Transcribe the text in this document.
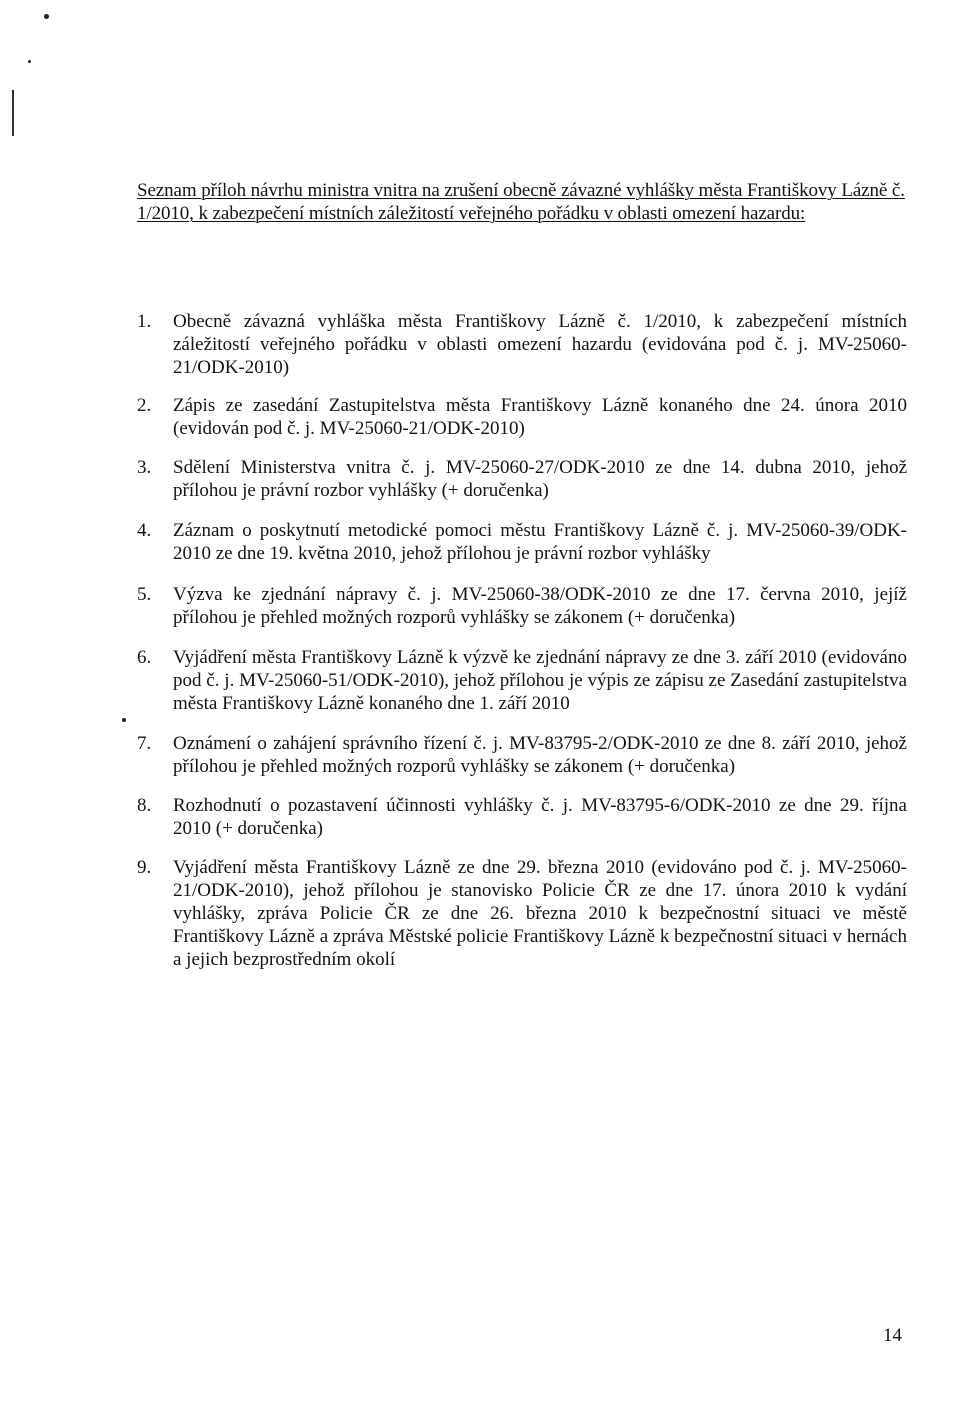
Seznam příloh návrhu ministra vnitra na zrušení obecně závazné vyhlášky města Františkovy Lázně č. 1/2010, k zabezpečení místních záležitostí veřejného pořádku v oblasti omezení hazardu:
1.	Obecně závazná vyhláška města Františkovy Lázně č. 1/2010, k zabezpečení místních záležitostí veřejného pořádku v oblasti omezení hazardu (evidována pod č. j. MV-25060-21/ODK-2010)
2.	Zápis ze zasedání Zastupitelstva města Františkovy Lázně konaného dne 24. února 2010 (evidován pod č. j. MV-25060-21/ODK-2010)
3.	Sdělení Ministerstva vnitra č. j. MV-25060-27/ODK-2010 ze dne 14. dubna 2010, jehož přílohou je právní rozbor vyhlášky (+ doručenka)
4.	Záznam o poskytnutí metodické pomoci městu Františkovy Lázně č. j. MV-25060-39/ODK-2010 ze dne 19. května 2010, jehož přílohou je právní rozbor vyhlášky
5.	Výzva ke zjednání nápravy č. j. MV-25060-38/ODK-2010 ze dne 17. června 2010, jejíž přílohou je přehled možných rozporů vyhlášky se zákonem (+ doručenka)
6.	Vyjádření města Františkovy Lázně k výzvě ke zjednání nápravy ze dne 3. září 2010 (evidováno pod č. j. MV-25060-51/ODK-2010), jehož přílohou je výpis ze zápisu ze Zasedání zastupitelstva města Františkovy Lázně konaného dne 1. září 2010
7.	Oznámení o zahájení správního řízení č. j. MV-83795-2/ODK-2010 ze dne 8. září 2010, jehož přílohou je přehled možných rozporů vyhlášky se zákonem (+ doručenka)
8.	Rozhodnutí o pozastavení účinnosti vyhlášky č. j. MV-83795-6/ODK-2010 ze dne 29. října 2010 (+ doručenka)
9.	Vyjádření města Františkovy Lázně ze dne 29. března 2010 (evidováno pod č. j. MV-25060-21/ODK-2010), jehož přílohou je stanovisko Policie ČR ze dne 17. února 2010 k vydání vyhlášky, zpráva Policie ČR ze dne 26. března 2010 k bezpečnostní situaci ve městě Františkovy Lázně a zpráva Městské policie Františkovy Lázně k bezpečnostní situaci v hernách a jejich bezprostředním okolí
14
